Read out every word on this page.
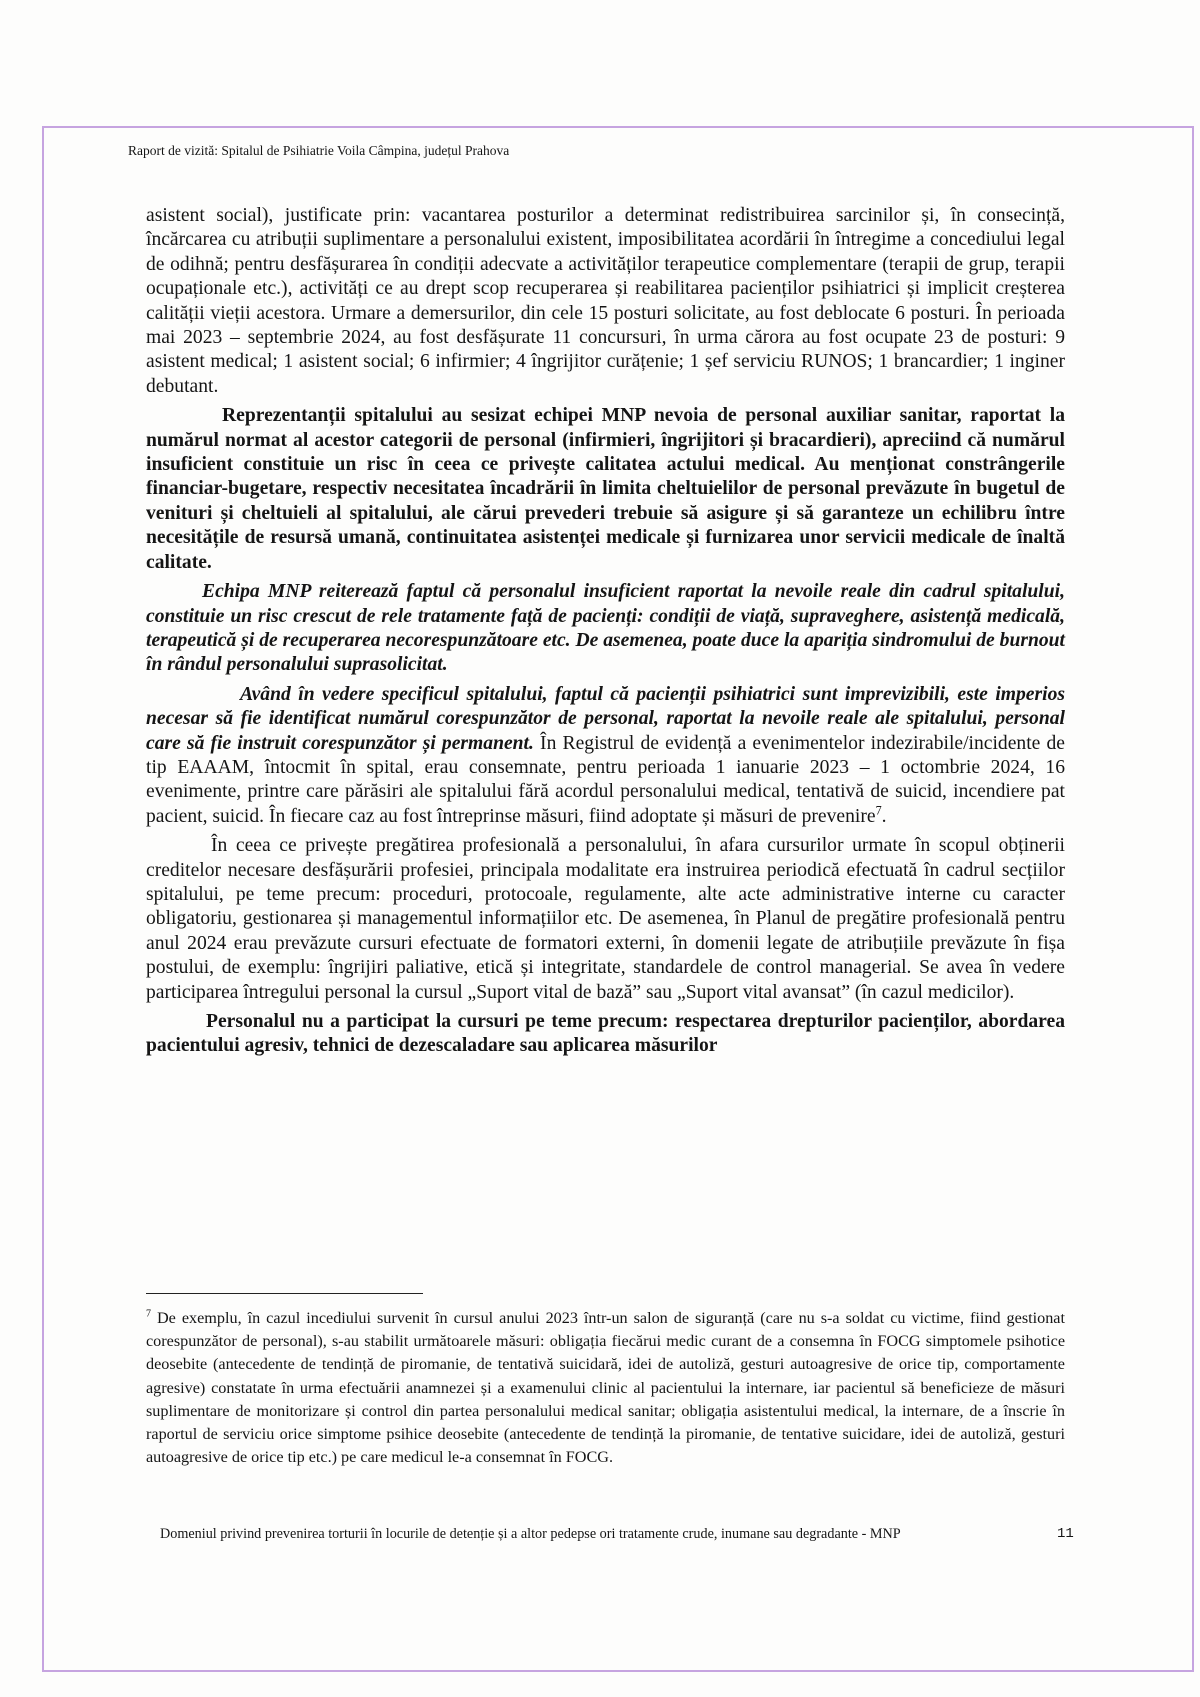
Raport de vizită: Spitalul de Psihiatrie Voila Câmpina, județul Prahova

asistent social), justificate prin: vacantarea posturilor a determinat redistribuirea sarcinilor și, în consecință, încărcarea cu atribuții suplimentare a personalului existent, imposibilitatea acordării în întregime a concediului legal de odihnă; pentru desfășurarea în condiții adecvate a activităților terapeutice complementare (terapii de grup, terapii ocupaționale etc.), activități ce au drept scop recuperarea și reabilitarea pacienților psihiatrici și implicit creșterea calității vieții acestora. Urmare a demersurilor, din cele 15 posturi solicitate, au fost deblocate 6 posturi. În perioada mai 2023 – septembrie 2024, au fost desfășurate 11 concursuri, în urma cărora au fost ocupate 23 de posturi: 9 asistent medical; 1 asistent social; 6 infirmier; 4 îngrijitor curățenie; 1 șef serviciu RUNOS; 1 brancardier; 1 inginer debutant.

Reprezentanții spitalului au sesizat echipei MNP nevoia de personal auxiliar sanitar, raportat la numărul normat al acestor categorii de personal (infirmieri, îngrijitori și bracardieri), apreciind că numărul insuficient constituie un risc în ceea ce privește calitatea actului medical. Au menționat constrângerile financiar-bugetare, respectiv necesitatea încadrării în limita cheltuielilor de personal prevăzute în bugetul de venituri și cheltuieli al spitalului, ale cărui prevederi trebuie să asigure și să garanteze un echilibru între necesitățile de resursă umană, continuitatea asistenței medicale și furnizarea unor servicii medicale de înaltă calitate.

Echipa MNP reiterează faptul că personalul insuficient raportat la nevoile reale din cadrul spitalului, constituie un risc crescut de rele tratamente față de pacienți: condiții de viață, supraveghere, asistență medicală, terapeutică și de recuperarea necorespunzătoare etc. De asemenea, poate duce la apariția sindromului de burnout în rândul personalului suprasolicitat.

Având în vedere specificul spitalului, faptul că pacienții psihiatrici sunt imprevizibili, este imperios necesar să fie identificat numărul corespunzător de personal, raportat la nevoile reale ale spitalului, personal care să fie instruit corespunzător și permanent. În Registrul de evidență a evenimentelor indezirabile/incidente de tip EAAAM, întocmit în spital, erau consemnate, pentru perioada 1 ianuarie 2023 – 1 octombrie 2024, 16 evenimente, printre care părăsiri ale spitalului fără acordul personalului medical, tentativă de suicid, incendiere pat pacient, suicid. În fiecare caz au fost întreprinse măsuri, fiind adoptate și măsuri de prevenire$^7$.

În ceea ce privește pregătirea profesională a personalului, în afara cursurilor urmate în scopul obținerii creditelor necesare desfășurării profesiei, principala modalitate era instruirea periodică efectuată în cadrul secțiilor spitalului, pe teme precum: proceduri, protocoale, regulamente, alte acte administrative interne cu caracter obligatoriu, gestionarea și managementul informațiilor etc. De asemenea, în Planul de pregătire profesională pentru anul 2024 erau prevăzute cursuri efectuate de formatori externi, în domenii legate de atribuțiile prevăzute în fișa postului, de exemplu: îngrijiri paliative, etică și integritate, standardele de control managerial. Se avea în vedere participarea întregului personal la cursul „Suport vital de bază” sau „Suport vital avansat” (în cazul medicilor).

Personalul nu a participat la cursuri pe teme precum: respectarea drepturilor pacienților, abordarea pacientului agresiv, tehnici de dezescaladare sau aplicarea măsurilor

$^7$ De exemplu, în cazul incediului survenit în cursul anului 2023 într-un salon de siguranță (care nu s-a soldat cu victime, fiind gestionat corespunzător de personal), s-au stabilit următoarele măsuri: obligația fiecărui medic curant de a consemna în FOCG simptomele psihotice deosebite (antecedente de tendință de piromanie, de tentativă suicidară, idei de autoliză, gesturi autoagresive de orice tip, comportamente agresive) constatate în urma efectuării anamnezei și a examenului clinic al pacientului la internare, iar pacientul să beneficieze de măsuri suplimentare de monitorizare și control din partea personalului medical sanitar; obligația asistentului medical, la internare, de a înscrie în raportul de serviciu orice simptome psihice deosebite (antecedente de tendință la piromanie, de tentative suicidare, idei de autoliză, gesturi autoagresive de orice tip etc.) pe care medicul le-a consemnat în FOCG.
Domeniul privind prevenirea torturii în locurile de detenție și a altor pedepse ori tratamente crude, inumane sau degradante - MNP	11
